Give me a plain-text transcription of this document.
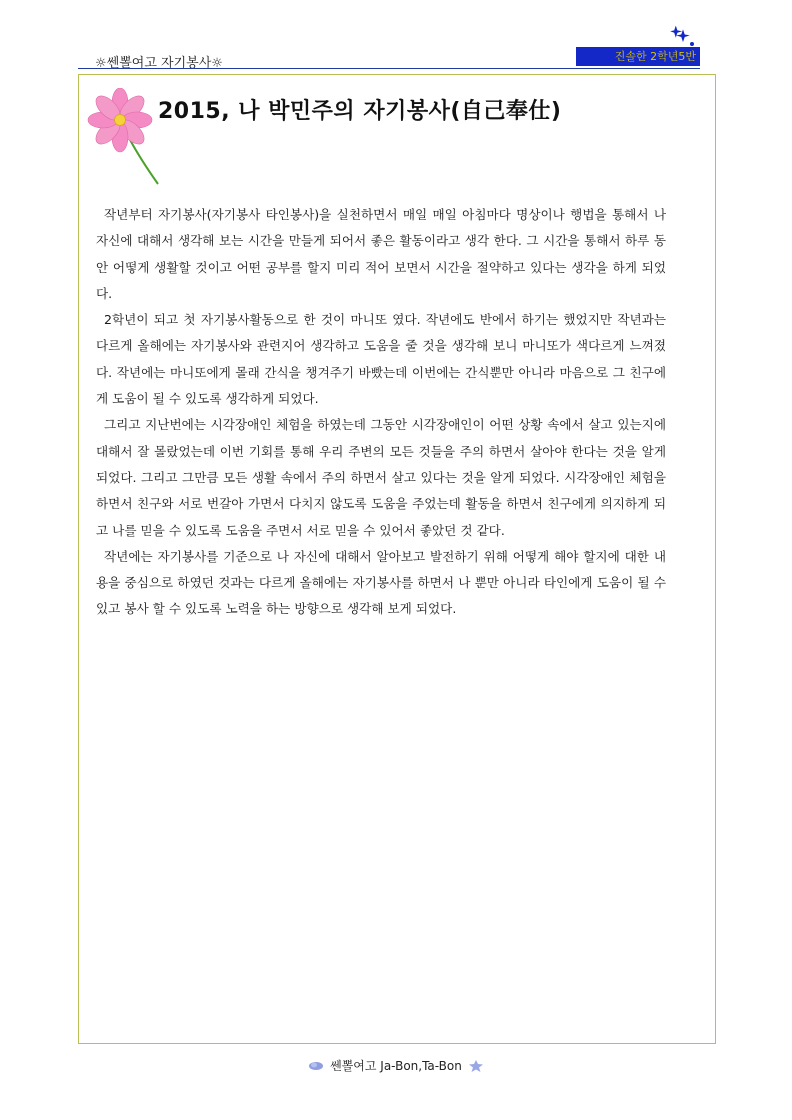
☼쎈뽈여고 자기봉사☼	진솔한 2학년5반
2015, 나 박민주의 자기봉사(自己奉仕)

작년부터 자기봉사(자기봉사 타인봉사)을 실천하면서 매일 매일 아침마다 명상이나 행법을 통해서 나 자신에 대해서 생각해 보는 시간을 만들게 되어서 좋은 활동이라고 생각 한다. 그 시간을 통해서 하루 동안 어떻게 생활할 것이고 어떤 공부를 할지 미리 적어 보면서 시간을 절약하고 있다는 생각을 하게 되었다.

2학년이 되고 첫 자기봉사활동으로 한 것이 마니또 였다. 작년에도 반에서 하기는 했었지만 작년과는 다르게 올해에는 자기봉사와 관련지어 생각하고 도움을 줄 것을 생각해 보니 마니또가 색다르게 느껴졌다. 작년에는 마니또에게 몰래 간식을 챙겨주기 바빴는데 이번에는 간식뿐만 아니라 마음으로 그 친구에게 도움이 될 수 있도록 생각하게 되었다.

그리고 지난번에는 시각장애인 체험을 하였는데 그동안 시각장애인이 어떤 상황 속에서 살고 있는지에 대해서 잘 몰랐었는데 이번 기회를 통해 우리 주변의 모든 것들을 주의 하면서 살아야 한다는 것을 알게 되었다. 그리고 그만큼 모든 생활 속에서 주의 하면서 살고 있다는 것을 알게 되었다. 시각장애인 체험을 하면서 친구와 서로 번갈아 가면서 다치지 않도록 도움을 주었는데 활동을 하면서 친구에게 의지하게 되고 나를 믿을 수 있도록 도움을 주면서 서로 믿을 수 있어서 좋았던 것 같다.

작년에는 자기봉사를 기준으로 나 자신에 대해서 알아보고 발전하기 위해 어떻게 해야 할지에 대한 내용을 중심으로 하였던 것과는 다르게 올해에는 자기봉사를 하면서 나 뿐만 아니라 타인에게 도움이 될 수 있고 봉사 할 수 있도록 노력을 하는 방향으로 생각해 보게 되었다.

쎈뽈여고 Ja-Bon,Ta-Bon
